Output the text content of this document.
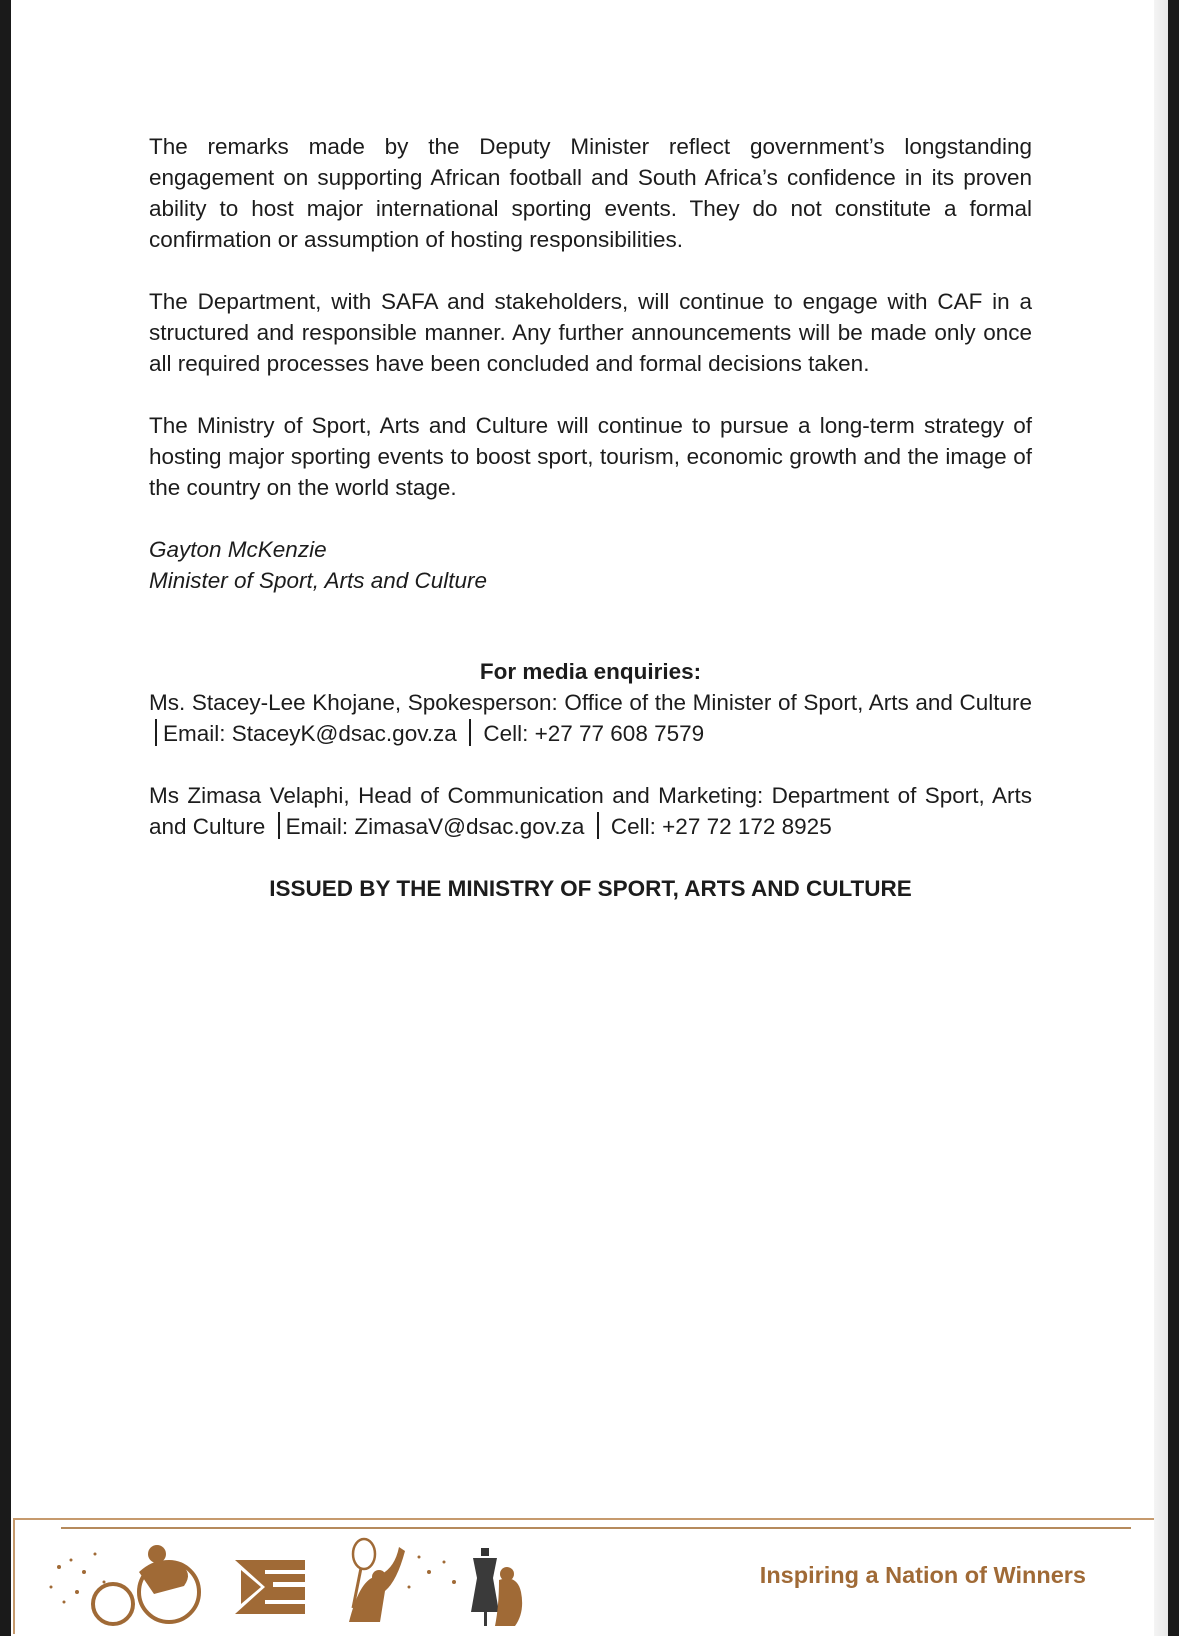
The remarks made by the Deputy Minister reflect government’s longstanding engagement on supporting African football and South Africa’s confidence in its proven ability to host major international sporting events. They do not constitute a formal confirmation or assumption of hosting responsibilities.

The Department, with SAFA and stakeholders, will continue to engage with CAF in a structured and responsible manner. Any further announcements will be made only once all required processes have been concluded and formal decisions taken.

The Ministry of Sport, Arts and Culture will continue to pursue a long-term strategy of hosting major sporting events to boost sport, tourism, economic growth and the image of the country on the world stage.

Gayton McKenzie

Minister of Sport, Arts and Culture

For media enquiries:

Ms. Stacey-Lee Khojane, Spokesperson: Office of the Minister of Sport, Arts and Culture Email: StaceyK@dsac.gov.za Cell: +27 77 608 7579

Ms Zimasa Velaphi, Head of Communication and Marketing: Department of Sport, Arts and Culture Email: ZimasaV@dsac.gov.za Cell: +27 72 172 8925

ISSUED BY THE MINISTRY OF SPORT, ARTS AND CULTURE

Inspiring a Nation of Winners
